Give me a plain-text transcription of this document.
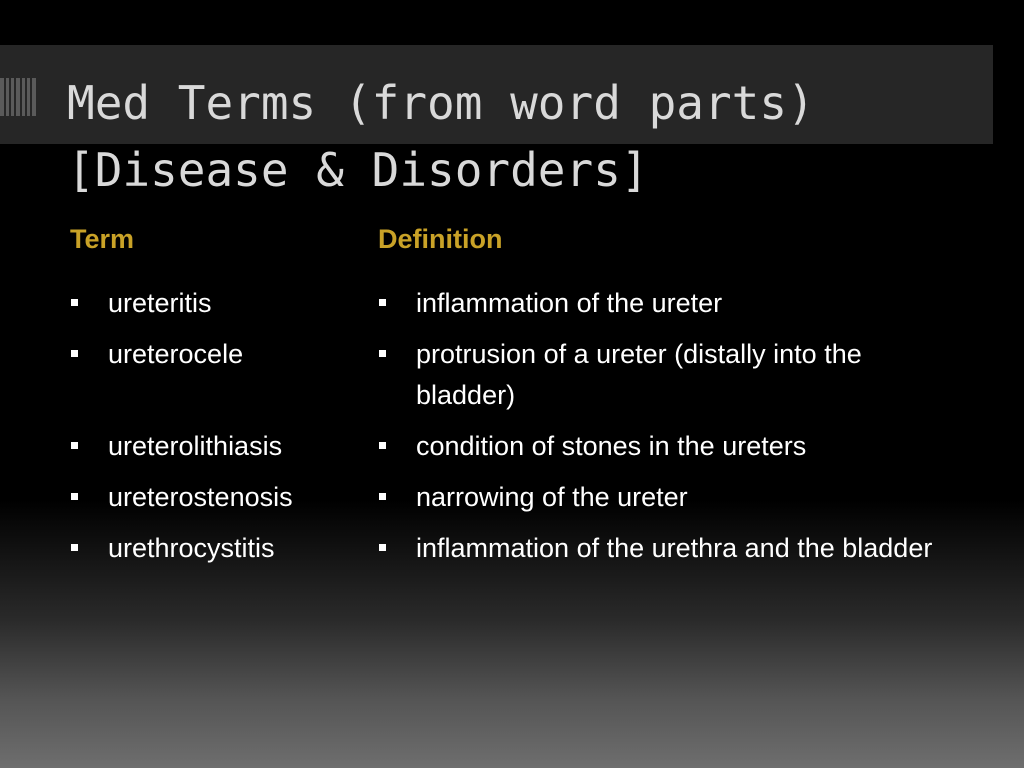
Med Terms (from word parts)
[Disease & Disorders]
Term
ureteritis
ureterocele
ureterolithiasis
ureterostenosis
urethrocystitis
Definition
inflammation of the ureter
protrusion of a ureter (distally into the bladder)
condition of stones in the ureters
narrowing of the ureter
inflammation of the urethra and the bladder
